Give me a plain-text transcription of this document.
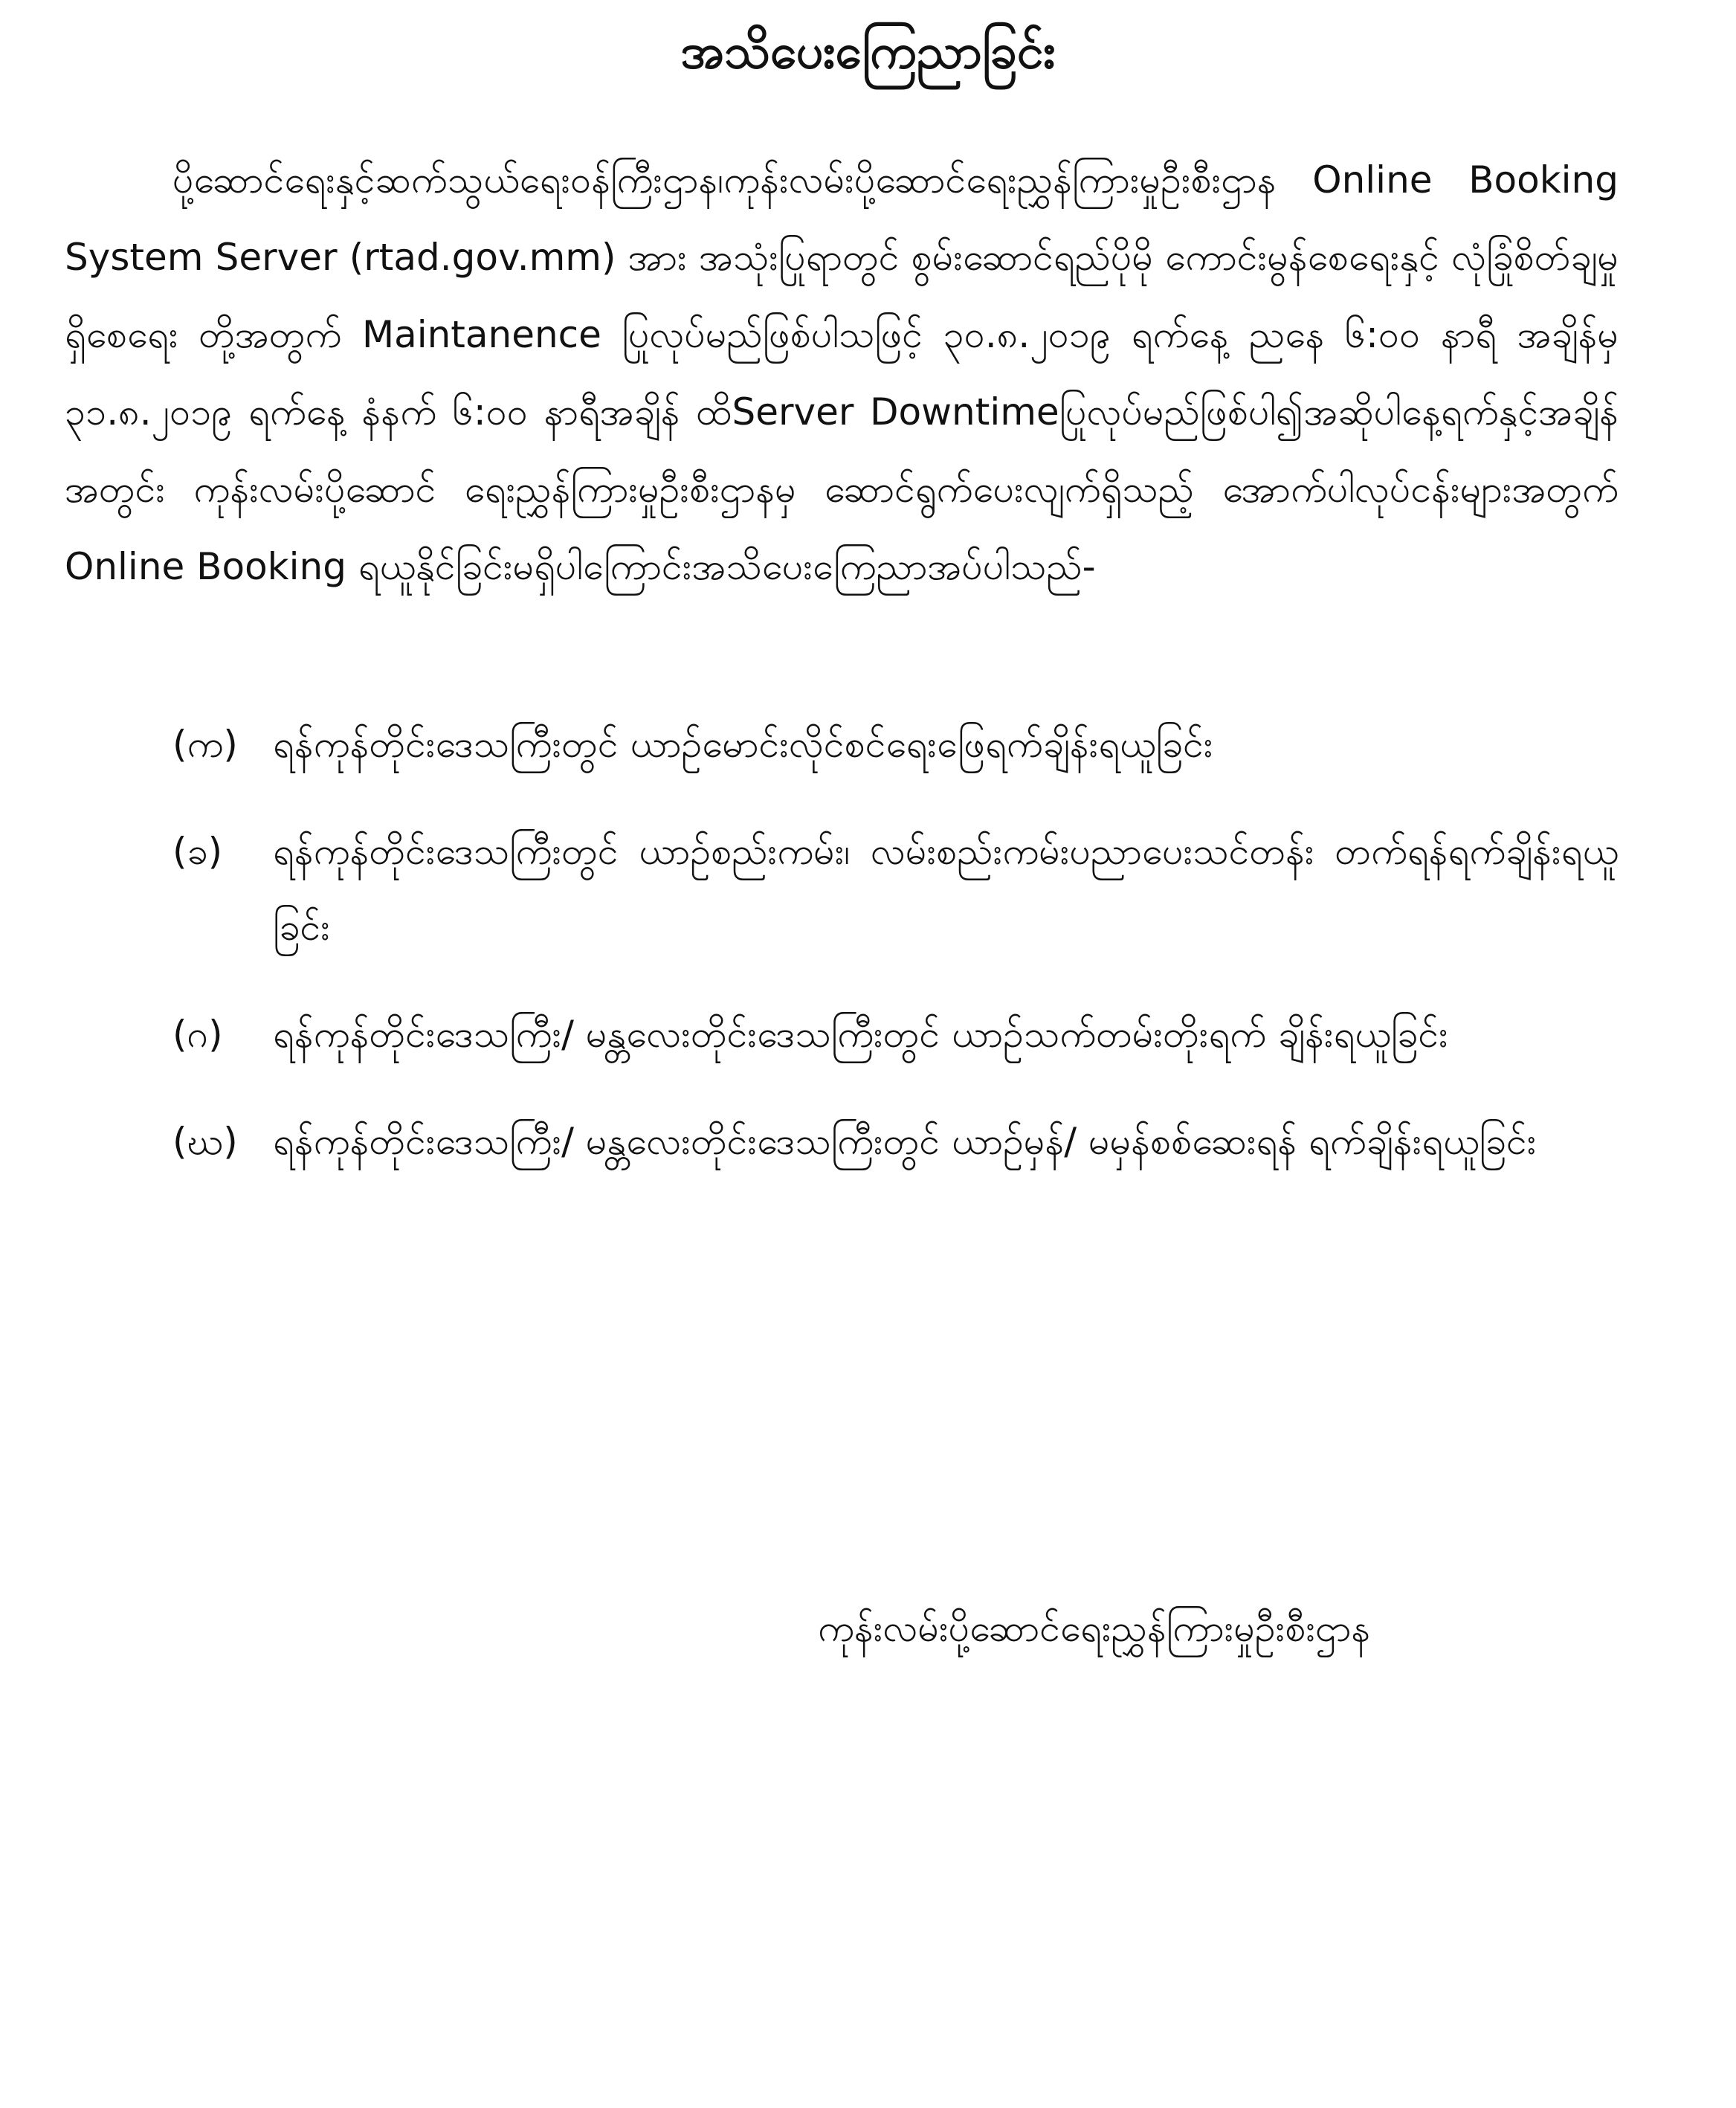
အသိပေးကြေညာခြင်း

ပို့ဆောင်ရေးနှင့်ဆက်သွယ်ရေးဝန်ကြီးဌာန၊ကုန်းလမ်းပို့ဆောင်ရေးညွှန်ကြားမှုဦးစီးဌာန Online Booking System Server (rtad.gov.mm) အား အသုံးပြုရာတွင် စွမ်းဆောင်ရည်ပိုမို ကောင်းမွန်စေရေးနှင့် လုံခြုံစိတ်ချမှုရှိစေရေး တို့အတွက် Maintanence ပြုလုပ်မည်ဖြစ်ပါသဖြင့် ၃၀.၈.၂၀၁၉ ရက်နေ့ ညနေ ၆:၀၀ နာရီ အချိန်မှ ၃၁.၈.၂၀၁၉ ရက်နေ့ နံနက် ၆:၀၀ နာရီအချိန် ထိServer Downtimeပြုလုပ်မည်ဖြစ်ပါ၍အဆိုပါနေ့ရက်နှင့်အချိန်အတွင်း ကုန်းလမ်းပို့ဆောင် ရေးညွှန်ကြားမှုဦးစီးဌာနမှ ဆောင်ရွက်ပေးလျက်ရှိသည့် အောက်ပါလုပ်ငန်းများအတွက် Online Booking ရယူနိုင်ခြင်းမရှိပါကြောင်းအသိပေးကြေညာအပ်ပါသည်-

(က) ရန်ကုန်တိုင်းဒေသကြီးတွင် ယာဉ်မောင်းလိုင်စင်ရေးဖြေရက်ချိန်းရယူခြင်း
(ခ)	ရန်ကုန်တိုင်းဒေသကြီးတွင် ယာဉ်စည်းကမ်း၊ လမ်းစည်းကမ်းပညာပေးသင်တန်း တက်ရန်ရက်ချိန်းရယူခြင်း
(ဂ)	ရန်ကုန်တိုင်းဒေသကြီး/ မန္တလေးတိုင်းဒေသကြီးတွင် ယာဉ်သက်တမ်းတိုးရက် ချိန်းရယူခြင်း
(ဃ) ရန်ကုန်တိုင်းဒေသကြီး/ မန္တလေးတိုင်းဒေသကြီးတွင် ယာဉ်မှန်/ မမှန်စစ်ဆေးရန် ရက်ချိန်းရယူခြင်း

ကုန်းလမ်းပို့ဆောင်ရေးညွှန်ကြားမှုဦးစီးဌာန
